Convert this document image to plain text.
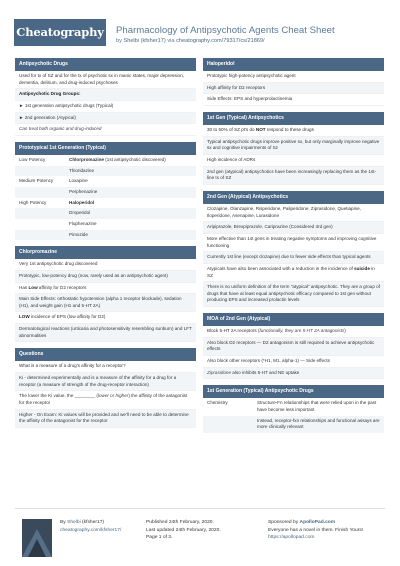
Cheatography Pharmacology of Antipsychotic Agents Cheat Sheet
by Shelbi (kfsher17) via cheatography.com/79317/cs/21869/
Antipsychotic Drugs
Used for tx of SZ and for the tx of psychotic sx in manic states, major depression, dementia, delirium, and drug-induced psychoses
Antipsychotic Drug Groups:
► 1st generation antipsychotic drugs (Typical)
► 2nd generation (Atypical)
Can treat both organic and drug-induced
Prototypical 1st Generation (Typical)
Low Potency	Chlorpromazine (1st antipsychotic discovered)
Thioridazine
Medium Potency	Loxapine
Perphenazine
High Potency	Haloperidol
Droperidol
Fluphenazine
Pimozide
Chlorpromazine
Very 1st antipsychotic drug discovered
Prototypic, low-potency drug (now, rarely used as an antipsychotic agent)
Has Low affinity for D2 receptors
Main Side Effects: orthostatic hypotension (alpha 1 receptor blockade), sedation (H1), and weight gain (H1 and 5-HT 2A)
LOW incidence of EPS (low affinity for D2)
Dermatological reactions (urticaria and photosensitivity resembling sunburn) and LFT abnormalities
Questions
What is a measure of a drug's affinity for a receptor?
Ki - determined experimentally and is a measure of the affinity for a drug for a receptor (a measure of strength of the drug-receptor interaction)
The lower the Ki value, the ________ (lower or higher) the affinity of the antagonist for the receptor
Higher - On Exam: Ki values will be provided and we'll need to be able to determine the affinity of the antagonist for the receptor
Haloperidol
Prototypic high-potency antipsychotic agent
High affinity for D2 receptors
Side Effects: EPS and hyperprolactinemia
1st Gen (Typical) Antipsychotics
30 to 50% of SZ pt's do NOT respond to these drugs
Typical antipsychotic drugs improve positive sx, but only marginally improve negative sx and cognitive impairments of Sz
High incidence of ADRs
2nd gen (atypical) antipsychotics have been increasingly replacing them as the 1st-line tx of SZ
2nd Gen (Atypical) Antipsychotics
Clozapine, Olanzapine, Risperidone, Paliperidone, Ziprasidone, Quetiapine, Iloperidone, Asenapine, Lurasidone
Aripiprazole, Brexpiprazole, Cariprazine (Considered 3rd gen)
More effective than 1st gens in treating negative symptoms and improving cognitive functioning
Currently 1st line (except clozapine) due to fewer side effects than typical agents
Atypicals have also been associated with a reduction in the incidence of suicide in SZ
There is no uniform definition of the term "atypical" antipsychotic. They are a group of drugs that have at least equal antipsychotic efficacy compared to 1st gen without producing EPS and increased prolactin levels
MOA of 2nd Gen (Atypical)
Block 5-HT 2A receptors (functionally, they are 5-HT 2A antagonists)
Also block D2 receptors — D2 antagonism is still required to achieve antipsychotic effects
Also block other receptors (*H1, M1, alpha-1) — Side effects
Ziprasidone also inhibits 5-HT and NE uptake
1st Generation (Typical) Antipsychotic Drugs
Chemistry	Structure-Fn relationships that were relied upon in the past have become less important
Instead, receptor-fxn relationships and functional assays are more clinically relevant
By Shelbi (kfsher17)
cheatography.com/kfsher17/
Published 24th February, 2020.
Last updated 24th February, 2020.
Page 1 of 3.
Sponsored by ApolloPad.com
Everyone has a novel in them. Finish Yours!
https://apollopad.com
